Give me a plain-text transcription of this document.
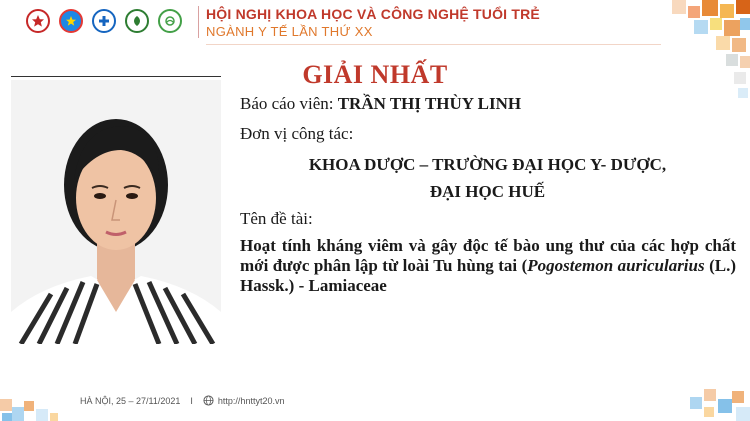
HỘI NGHỊ KHOA HỌC VÀ CÔNG NGHỆ TUỔI TRẺ
NGÀNH Y TẾ LẦN THỨ XX
GIẢI NHẤT
Báo cáo viên: TRẦN THỊ THÙY LINH
Đơn vị công tác:
KHOA DƯỢC – TRƯỜNG ĐẠI HỌC Y- DƯỢC,
ĐẠI HỌC HUẾ
Tên đề tài:
Hoạt tính kháng viêm và gây độc tế bào ung thư của các hợp chất mới được phân lập từ loài Tu hùng tai (Pogostemon auricularius (L.) Hassk.) - Lamiaceae
HÀ NỘI, 25 – 27/11/2021 I	http://hnttyt20.vn
